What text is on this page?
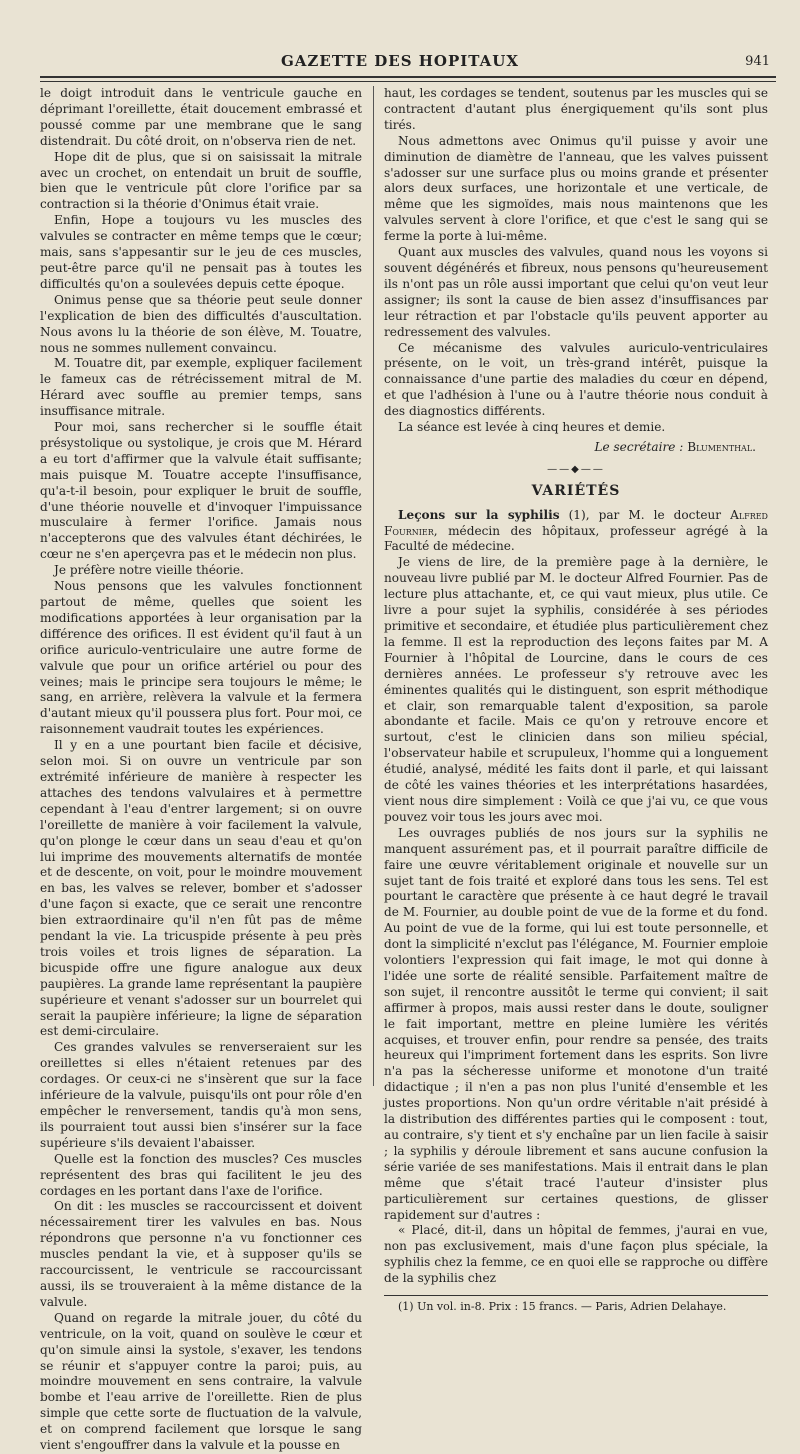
GAZETTE DES HOPITAUX	941

le doigt introduit dans le ventricule gauche en déprimant l'oreillette, était doucement embrassé et poussé comme par une membrane que le sang distendrait. Du côté droit, on n'observa rien de net.

Hope dit de plus, que si on saisissait la mitrale avec un crochet, on entendait un bruit de souffle, bien que le ventricule pût clore l'orifice par sa contraction si la théorie d'Onimus était vraie.

Enfin, Hope a toujours vu les muscles des valvules se contracter en même temps que le cœur; mais, sans s'appesantir sur le jeu de ces muscles, peut-être parce qu'il ne pensait pas à toutes les difficultés qu'on a soulevées depuis cette époque.

Onimus pense que sa théorie peut seule donner l'explication de bien des difficultés d'auscultation. Nous avons lu la théorie de son élève, M. Touatre, nous ne sommes nullement convaincu.

M. Touatre dit, par exemple, expliquer facilement le fameux cas de rétrécissement mitral de M. Hérard avec souffle au premier temps, sans insuffisance mitrale.

Pour moi, sans rechercher si le souffle était présystolique ou systolique, je crois que M. Hérard a eu tort d'affirmer que la valvule était suffisante; mais puisque M. Touatre accepte l'insuffisance, qu'a-t-il besoin, pour expliquer le bruit de souffle, d'une théorie nouvelle et d'invoquer l'impuissance musculaire à fermer l'orifice. Jamais nous n'accepterons que des valvules étant déchirées, le cœur ne s'en aperçevra pas et le médecin non plus.

Je préfère notre vieille théorie.

Nous pensons que les valvules fonctionnent partout de même, quelles que soient les modifications apportées à leur organisation par la différence des orifices. Il est évident qu'il faut à un orifice auriculo-ventriculaire une autre forme de valvule que pour un orifice artériel ou pour des veines; mais le principe sera toujours le même; le sang, en arrière, relèvera la valvule et la fermera d'autant mieux qu'il poussera plus fort. Pour moi, ce raisonnement vaudrait toutes les expériences.

Il y en a une pourtant bien facile et décisive, selon moi. Si on ouvre un ventricule par son extrémité inférieure de manière à respecter les attaches des tendons valvulaires et à permettre cependant à l'eau d'entrer largement; si on ouvre l'oreillette de manière à voir facilement la valvule, qu'on plonge le cœur dans un seau d'eau et qu'on lui imprime des mouvements alternatifs de montée et de descente, on voit, pour le moindre mouvement en bas, les valves se relever, bomber et s'adosser d'une façon si exacte, que ce serait une rencontre bien extraordinaire qu'il n'en fût pas de même pendant la vie. La tricuspide présente à peu près trois voiles et trois lignes de séparation. La bicuspide offre une figure analogue aux deux paupières. La grande lame représentant la paupière supérieure et venant s'adosser sur un bourrelet qui serait la paupière inférieure; la ligne de séparation est demi-circulaire.

Ces grandes valvules se renverseraient sur les oreillettes si elles n'étaient retenues par des cordages. Or ceux-ci ne s'insèrent que sur la face inférieure de la valvule, puisqu'ils ont pour rôle d'en empêcher le renversement, tandis qu'à mon sens, ils pourraient tout aussi bien s'insérer sur la face supérieure s'ils devaient l'abaisser.

Quelle est la fonction des muscles? Ces muscles représentent des bras qui facilitent le jeu des cordages en les portant dans l'axe de l'orifice.

On dit : les muscles se raccourcissent et doivent nécessairement tirer les valvules en bas. Nous répondrons que personne n'a vu fonctionner ces muscles pendant la vie, et à supposer qu'ils se raccourcissent, le ventricule se raccourcissant aussi, ils se trouveraient à la même distance de la valvule.

Quand on regarde la mitrale jouer, du côté du ventricule, on la voit, quand on soulève le cœur et qu'on simule ainsi la systole, s'exaver, les tendons se réunir et s'appuyer contre la paroi; puis, au moindre mouvement en sens contraire, la valvule bombe et l'eau arrive de l'oreillette. Rien de plus simple que cette sorte de fluctuation de la valvule, et on comprend facilement que lorsque le sang vient s'engouffrer dans la valvule et la pousse en

haut, les cordages se tendent, soutenus par les muscles qui se contractent d'autant plus énergiquement qu'ils sont plus tirés.

Nous admettons avec Onimus qu'il puisse y avoir une diminution de diamètre de l'anneau, que les valves puissent s'adosser sur une surface plus ou moins grande et présenter alors deux surfaces, une horizontale et une verticale, de même que les sigmoïdes, mais nous maintenons que les valvules servent à clore l'orifice, et que c'est le sang qui se ferme la porte à lui-même.

Quant aux muscles des valvules, quand nous les voyons si souvent dégénérés et fibreux, nous pensons qu'heureusement ils n'ont pas un rôle aussi important que celui qu'on veut leur assigner; ils sont la cause de bien assez d'insuffisances par leur rétraction et par l'obstacle qu'ils peuvent apporter au redressement des valvules.

Ce mécanisme des valvules auriculo-ventriculaires présente, on le voit, un très-grand intérêt, puisque la connaissance d'une partie des maladies du cœur en dépend, et que l'adhésion à l'une ou à l'autre théorie nous conduit à des diagnostics différents.

La séance est levée à cinq heures et demie.

Le secrétaire : Blumenthal.

——◆——
VARIÉTÉS

Leçons sur la syphilis (1), par M. le docteur Alfred Fournier, médecin des hôpitaux, professeur agrégé à la Faculté de médecine.

Je viens de lire, de la première page à la dernière, le nouveau livre publié par M. le docteur Alfred Fournier. Pas de lecture plus attachante, et, ce qui vaut mieux, plus utile. Ce livre a pour sujet la syphilis, considérée à ses périodes primitive et secondaire, et étudiée plus particulièrement chez la femme. Il est la reproduction des leçons faites par M. A Fournier à l'hôpital de Lourcine, dans le cours de ces dernières années. Le professeur s'y retrouve avec les éminentes qualités qui le distinguent, son esprit méthodique et clair, son remarquable talent d'exposition, sa parole abondante et facile. Mais ce qu'on y retrouve encore et surtout, c'est le clinicien dans son milieu spécial, l'observateur habile et scrupuleux, l'homme qui a longuement étudié, analysé, médité les faits dont il parle, et qui laissant de côté les vaines théories et les interprétations hasardées, vient nous dire simplement : Voilà ce que j'ai vu, ce que vous pouvez voir tous les jours avec moi.

Les ouvrages publiés de nos jours sur la syphilis ne manquent assurément pas, et il pourrait paraître difficile de faire une œuvre véritablement originale et nouvelle sur un sujet tant de fois traité et exploré dans tous les sens. Tel est pourtant le caractère que présente à ce haut degré le travail de M. Fournier, au double point de vue de la forme et du fond. Au point de vue de la forme, qui lui est toute personnelle, et dont la simplicité n'exclut pas l'élégance, M. Fournier emploie volontiers l'expression qui fait image, le mot qui donne à l'idée une sorte de réalité sensible. Parfaitement maître de son sujet, il rencontre aussitôt le terme qui convient; il sait affirmer à propos, mais aussi rester dans le doute, souligner le fait important, mettre en pleine lumière les vérités acquises, et trouver enfin, pour rendre sa pensée, des traits heureux qui l'impriment fortement dans les esprits. Son livre n'a pas la sécheresse uniforme et monotone d'un traité didactique ; il n'en a pas non plus l'unité d'ensemble et les justes proportions. Non qu'un ordre véritable n'ait présidé à la distribution des différentes parties qui le composent : tout, au contraire, s'y tient et s'y enchaîne par un lien facile à saisir ; la syphilis y déroule librement et sans aucune confusion la série variée de ses manifestations. Mais il entrait dans le plan même que s'était tracé l'auteur d'insister plus particulièrement sur certaines questions, de glisser rapidement sur d'autres :

« Placé, dit-il, dans un hôpital de femmes, j'aurai en vue, non pas exclusivement, mais d'une façon plus spéciale, la syphilis chez la femme, ce en quoi elle se rapproche ou diffère de la syphilis chez

(1) Un vol. in-8. Prix : 15 francs. — Paris, Adrien Delahaye.
